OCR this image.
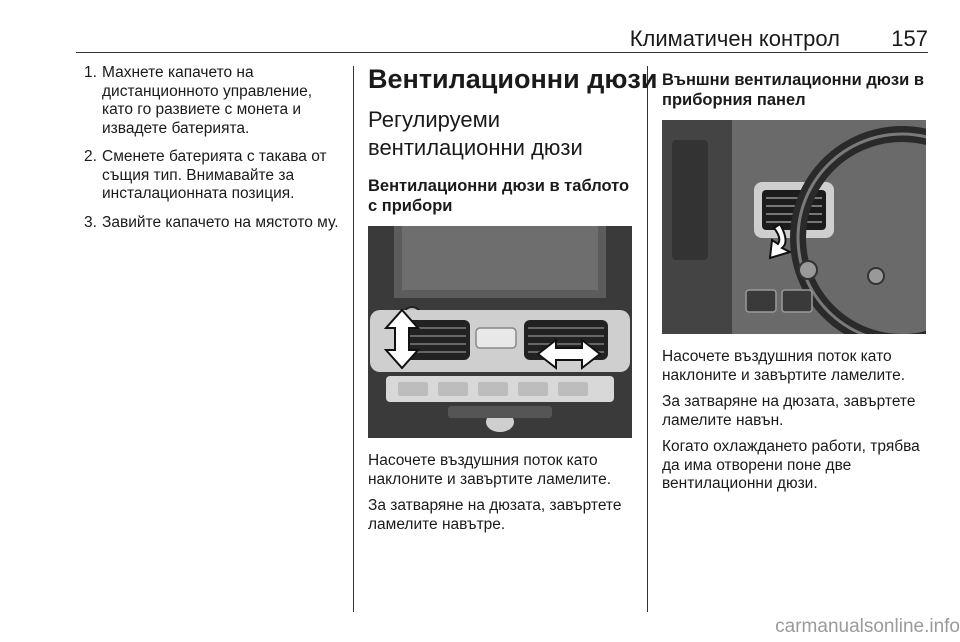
Климатичен контрол	157
1. Махнете капачето на дистанционното управление, като го развиете с монета и извадете батерията.
2. Сменете батерията с такава от същия тип. Внимавайте за инсталационната позиция.
3. Завийте капачето на мястото му.
Вентилационни дюзи
Регулируеми вентилационни дюзи
Вентилационни дюзи в таблото с прибори

Насочете въздушния поток като наклоните и завъртите ламелите.

За затваряне на дюзата, завъртете ламелите навътре.

Външни вентилационни дюзи в приборния панел

Насочете въздушния поток като наклоните и завъртите ламелите.

За затваряне на дюзата, завъртете ламелите навън.

Когато охлаждането работи, трябва да има отворени поне две вентилационни дюзи.

carmanualsonline.info
